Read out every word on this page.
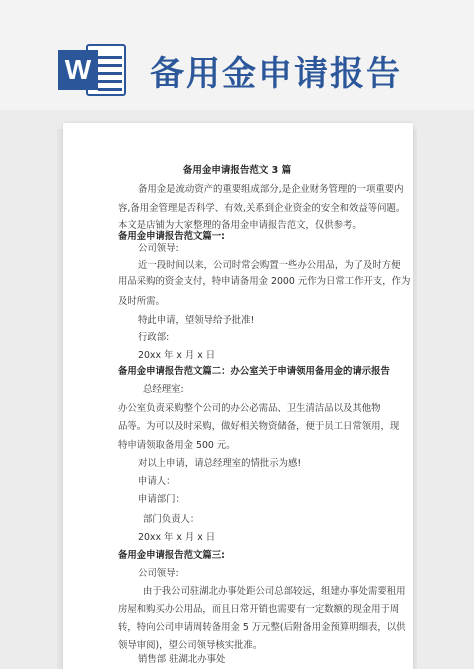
W 备用金申请报告
备用金申请报告范文 3 篇
备用金是流动资产的重要组成部分,是企业财务管理的一项重要内
容,备用金管理是否科学、有效,关系到企业资金的安全和效益等问题。
本文是店铺为大家整理的备用金申请报告范文，仅供参考。
备用金申请报告范文篇一:
公司领导:
近一段时间以来，公司时常会购置一些办公用品，为了及时方便
用品采购的资金支付，特申请备用金 2000 元作为日常工作开支，作为
及时所需。
特此申请，望领导给予批准!
行政部:
20xx 年 x 月 x 日
备用金申请报告范文篇二：办公室关于申请领用备用金的请示报告
总经理室:
办公室负责采购整个公司的办公必需品、卫生清洁品以及其他物
品等。为可以及时采购，做好相关物资储备，便于员工日常领用，现
特申请领取备用金 500 元。
对以上申请，请总经理室的情批示为感!
申请人：
申请部门：
部门负责人：
20xx 年 x 月 x 日
备用金申请报告范文篇三:
公司领导:
由于我公司驻湖北办事处距公司总部较远，组建办事处需要租用
房屋和购买办公用品，而且日常开销也需要有一定数额的现金用于周
转，特向公司申请周转备用金 5 万元整(后附备用金预算明细表，以供
领导审阅)，望公司领导核实批准。
销售部 驻湖北办事处
